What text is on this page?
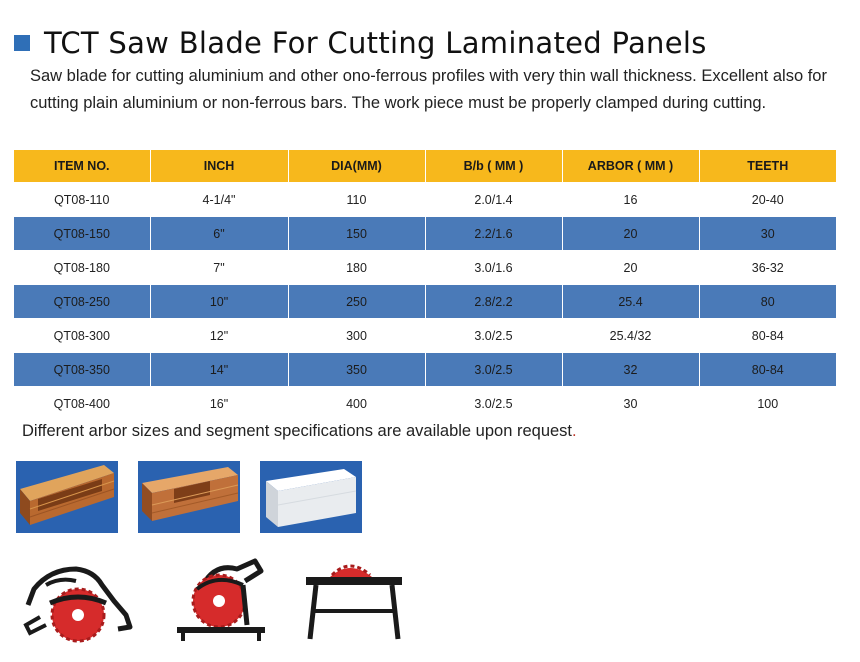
TCT Saw Blade For Cutting Laminated Panels
Saw blade for cutting aluminium and other ono-ferrous profiles with very thin wall thickness. Excellent also for cutting plain aluminium or non-ferrous bars. The work piece must be properly clamped during cutting.
ITEM NO.	INCH	DIA(MM)	B/b ( MM )	ARBOR ( MM )	TEETH
QT08-110	4-1/4"	110	2.0/1.4	16	20-40
QT08-150	6"	150	2.2/1.6	20	30
QT08-180	7"	180	3.0/1.6	20	36-32
QT08-250	10"	250	2.8/2.2	25.4	80
QT08-300	12"	300	3.0/2.5	25.4/32	80-84
QT08-350	14"	350	3.0/2.5	32	80-84
QT08-400	16"	400	3.0/2.5	30	100
Different arbor sizes and segment specifications are available upon request.
